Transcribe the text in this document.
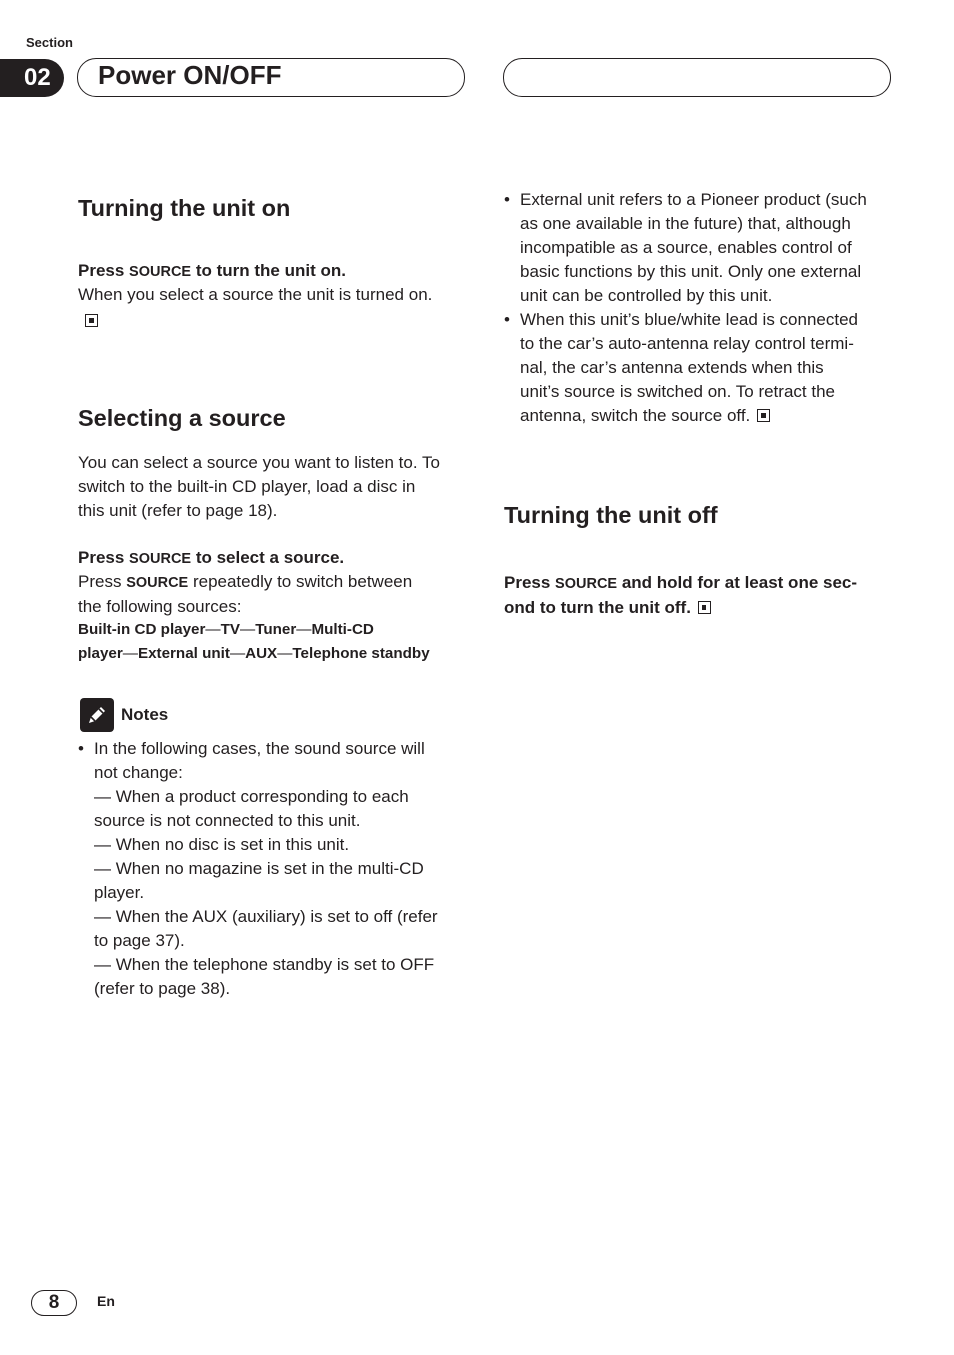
Section
02	Power ON/OFF
Turning the unit on
Press SOURCE to turn the unit on.
When you select a source the unit is turned on.
Selecting a source
You can select a source you want to listen to. To
switch to the built-in CD player, load a disc in
this unit (refer to page 18).
Press SOURCE to select a source.
Press SOURCE repeatedly to switch between
the following sources:
Built-in CD player—TV—Tuner—Multi-CD
player—External unit—AUX—Telephone standby
Notes
• In the following cases, the sound source will
not change:
— When a product corresponding to each
source is not connected to this unit.
— When no disc is set in this unit.
— When no magazine is set in the multi-CD
player.
— When the AUX (auxiliary) is set to off (refer
to page 37).
— When the telephone standby is set to OFF
(refer to page 38).
• External unit refers to a Pioneer product (such
as one available in the future) that, although
incompatible as a source, enables control of
basic functions by this unit. Only one external
unit can be controlled by this unit.
• When this unit’s blue/white lead is connected
to the car’s auto-antenna relay control termi-
nal, the car’s antenna extends when this
unit’s source is switched on. To retract the
antenna, switch the source off.
Turning the unit off
Press SOURCE and hold for at least one sec-
ond to turn the unit off.
8	En
